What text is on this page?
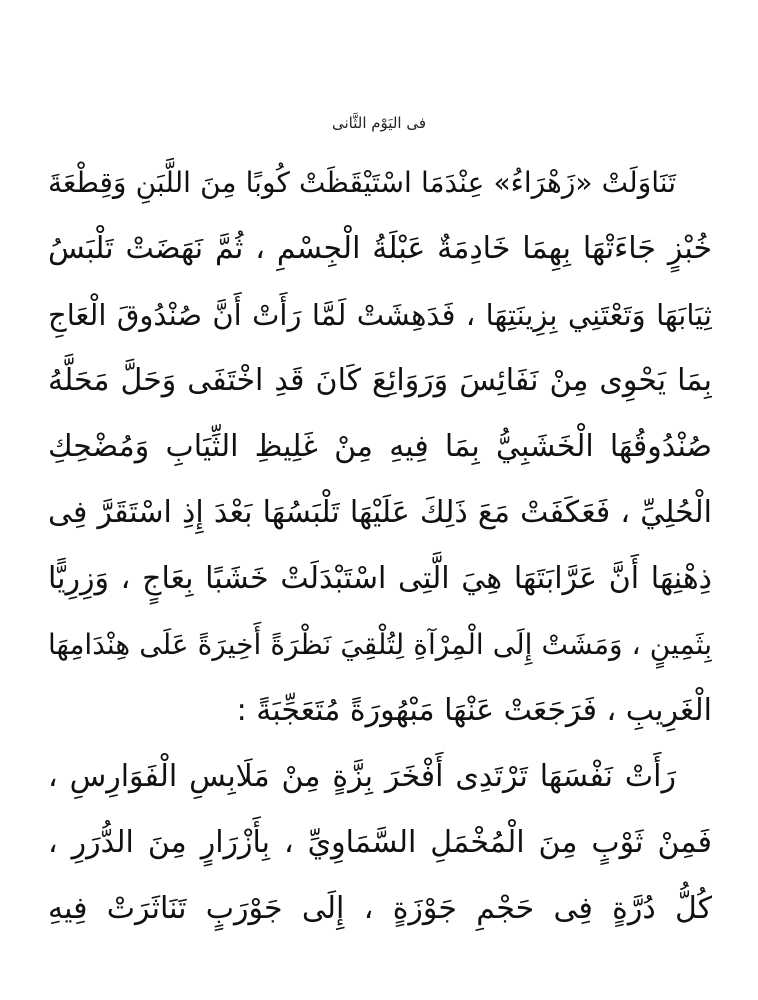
فى اليَوْم الثَّانى
تَنَاوَلَتْ «زَهْرَاءُ» عِنْدَمَا اسْتَيْقَظَتْ كُوبًا مِنَ اللَّبَنِ وَقِطْعَةَ
خُبْزٍ جَاءَتْهَا بِهِمَا خَادِمَةٌ عَبْلَةُ الْجِسْمِ ، ثُمَّ نَهَضَتْ تَلْبَسُ
ثِيَابَهَا وَتَعْتَنِي بِزِينَتِهَا ، فَدَهِشَتْ لَمَّا رَأَتْ أَنَّ صُنْدُوقَ الْعَاجِ
بِمَا يَحْوِى مِنْ نَفَائِسَ وَرَوَائِعَ كَانَ قَدِ اخْتَفَى وَحَلَّ مَحَلَّهُ
صُنْدُوقُهَا الْخَشَبِيُّ بِمَا فِيهِ مِنْ غَلِيظِ الثِّيَابِ وَمُضْحِكِ
الْحُلِيِّ ، فَعَكَفَتْ مَعَ ذَلِكَ عَلَيْهَا تَلْبَسُهَا بَعْدَ إِذِ اسْتَقَرَّ فِى
ذِهْنِهَا أَنَّ عَرَّابَتَهَا هِيَ الَّتِى اسْتَبْدَلَتْ خَشَبًا بِعَاجٍ ، وَزِرِيًّا
بِثَمِينٍ ، وَمَشَتْ إِلَى الْمِرْآةِ لِتُلْقِيَ نَظْرَةً أَخِيرَةً عَلَى هِنْدَامِهَا
الْغَرِيبِ ، فَرَجَعَتْ عَنْهَا مَبْهُورَةً مُتَعَجِّبَةً :
رَأَتْ نَفْسَهَا تَرْتَدِى أَفْخَرَ بِزَّةٍ مِنْ مَلَابِسِ الْفَوَارِسِ ،
فَمِنْ ثَوْبٍ مِنَ الْمُخْمَلِ السَّمَاوِيِّ ، بِأَزْرَارٍ مِنَ الدُّرَرِ ،
كُلُّ دُرَّةٍ فِى حَجْمِ جَوْزَةٍ ، إِلَى جَوْرَبٍ تَنَاثَرَتْ فِيهِ
